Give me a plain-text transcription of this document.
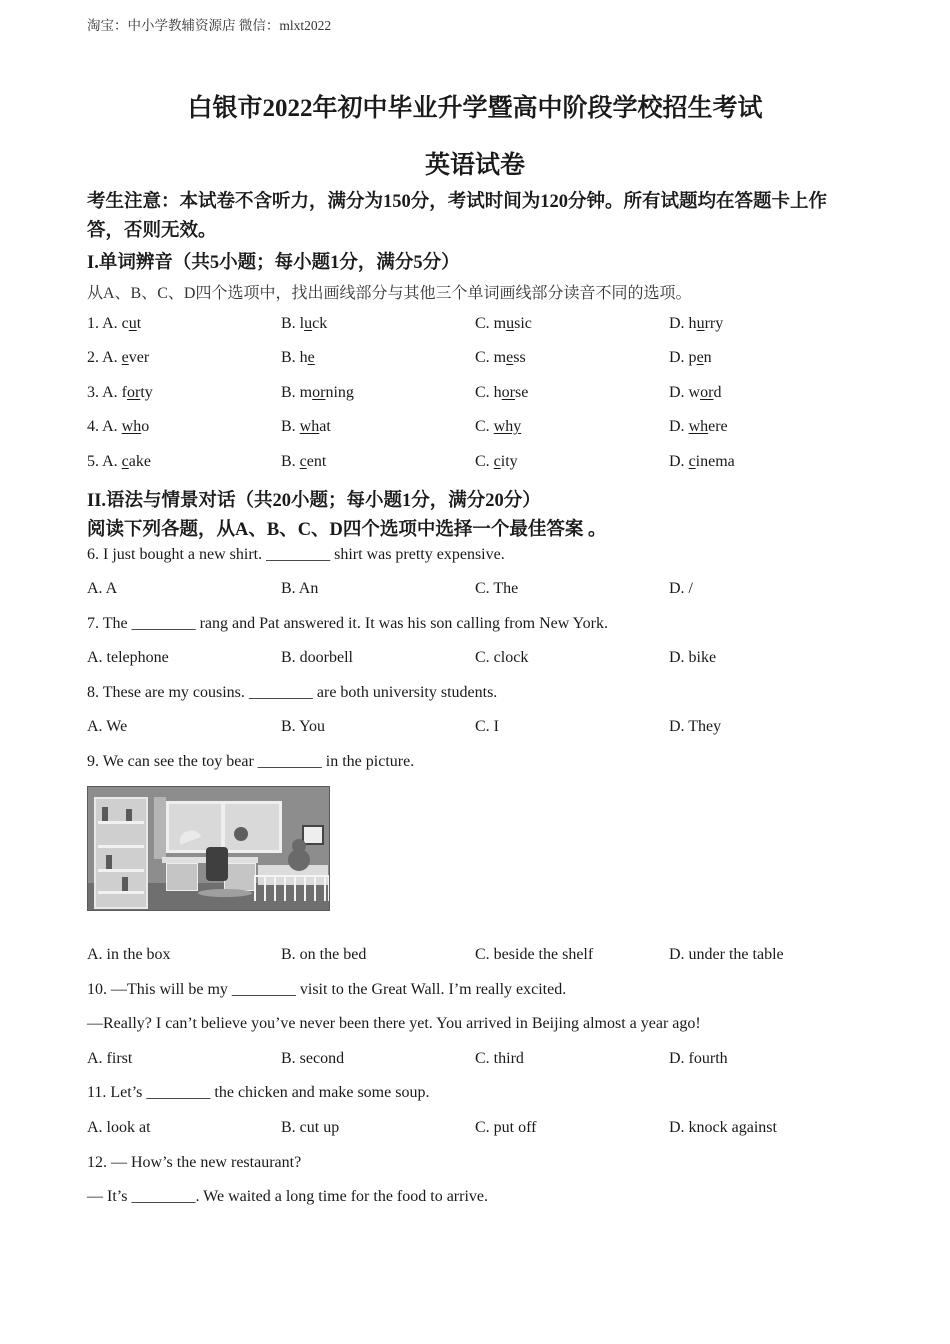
淘宝：中小学教辅资源店 微信：mlxt2022
白银市2022年初中毕业升学暨高中阶段学校招生考试
英语试卷
考生注意：本试卷不含听力，满分为150分，考试时间为120分钟。所有试题均在答题卡上作答，否则无效。
I.单词辨音（共5小题；每小题1分，满分5分）
从A、B、C、D四个选项中，找出画线部分与其他三个单词画线部分读音不同的选项。
1. A. cut	B. luck	C. music	D. hurry
2. A. ever	B. he	C. mess	D. pen
3. A. forty	B. morning	C. horse	D. word
4. A. who	B. what	C. why	D. where
5. A. cake	B. cent	C. city	D. cinema
II.语法与情景对话（共20小题；每小题1分，满分20分）
阅读下列各题，从A、B、C、D四个选项中选择一个最佳答案 。
6. I just bought a new shirt. ________ shirt was pretty expensive.
A. A	B. An	C. The	D. /
7. The ________ rang and Pat answered it. It was his son calling from New York.
A. telephone	B. doorbell	C. clock	D. bike
8. These are my cousins. ________ are both university students.
A. We	B. You	C. I	D. They
9. We can see the toy bear ________ in the picture.
A. in the box	B. on the bed	C. beside the shelf	D. under the table
10. —This will be my ________ visit to the Great Wall. I’m really excited.
—Really? I can’t believe you’ve never been there yet. You arrived in Beijing almost a year ago!
A. first	B. second	C. third	D. fourth
11. Let’s ________ the chicken and make some soup.
A. look at	B. cut up	C. put off	D. knock against
12. — How’s the new restaurant?
— It’s ________. We waited a long time for the food to arrive.
